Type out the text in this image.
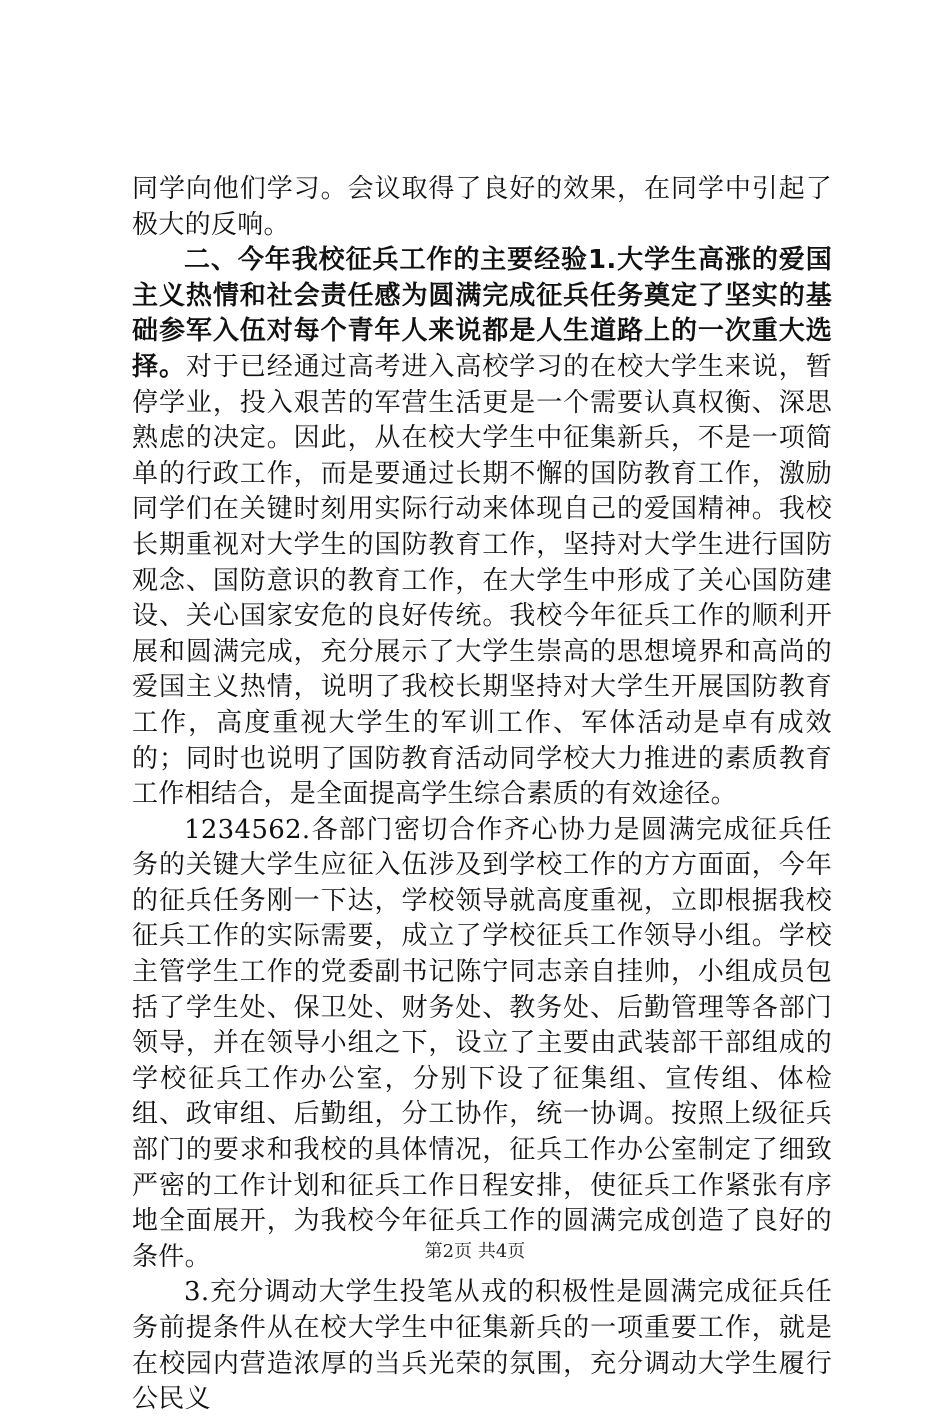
同学向他们学习。会议取得了良好的效果，在同学中引起了极大的反响。

二、今年我校征兵工作的主要经验1.大学生高涨的爱国主义热情和社会责任感为圆满完成征兵任务奠定了坚实的基础参军入伍对每个青年人来说都是人生道路上的一次重大选择。对于已经通过高考进入高校学习的在校大学生来说，暂停学业，投入艰苦的军营生活更是一个需要认真权衡、深思熟虑的决定。因此，从在校大学生中征集新兵，不是一项简单的行政工作，而是要通过长期不懈的国防教育工作，激励同学们在关键时刻用实际行动来体现自己的爱国精神。我校长期重视对大学生的国防教育工作，坚持对大学生进行国防观念、国防意识的教育工作，在大学生中形成了关心国防建设、关心国家安危的良好传统。我校今年征兵工作的顺利开展和圆满完成，充分展示了大学生崇高的思想境界和高尚的爱国主义热情，说明了我校长期坚持对大学生开展国防教育工作，高度重视大学生的军训工作、军体活动是卓有成效的；同时也说明了国防教育活动同学校大力推进的素质教育工作相结合，是全面提高学生综合素质的有效途径。

1234562.各部门密切合作齐心协力是圆满完成征兵任务的关键大学生应征入伍涉及到学校工作的方方面面，今年的征兵任务刚一下达，学校领导就高度重视，立即根据我校征兵工作的实际需要，成立了学校征兵工作领导小组。学校主管学生工作的党委副书记陈宁同志亲自挂帅，小组成员包括了学生处、保卫处、财务处、教务处、后勤管理等各部门领导，并在领导小组之下，设立了主要由武装部干部组成的学校征兵工作办公室，分别下设了征集组、宣传组、体检组、政审组、后勤组，分工协作，统一协调。按照上级征兵部门的要求和我校的具体情况，征兵工作办公室制定了细致严密的工作计划和征兵工作日程安排，使征兵工作紧张有序地全面展开，为我校今年征兵工作的圆满完成创造了良好的条件。

3.充分调动大学生投笔从戎的积极性是圆满完成征兵任务前提条件从在校大学生中征集新兵的一项重要工作，就是在校园内营造浓厚的当兵光荣的氛围，充分调动大学生履行公民义

第2页 共4页
